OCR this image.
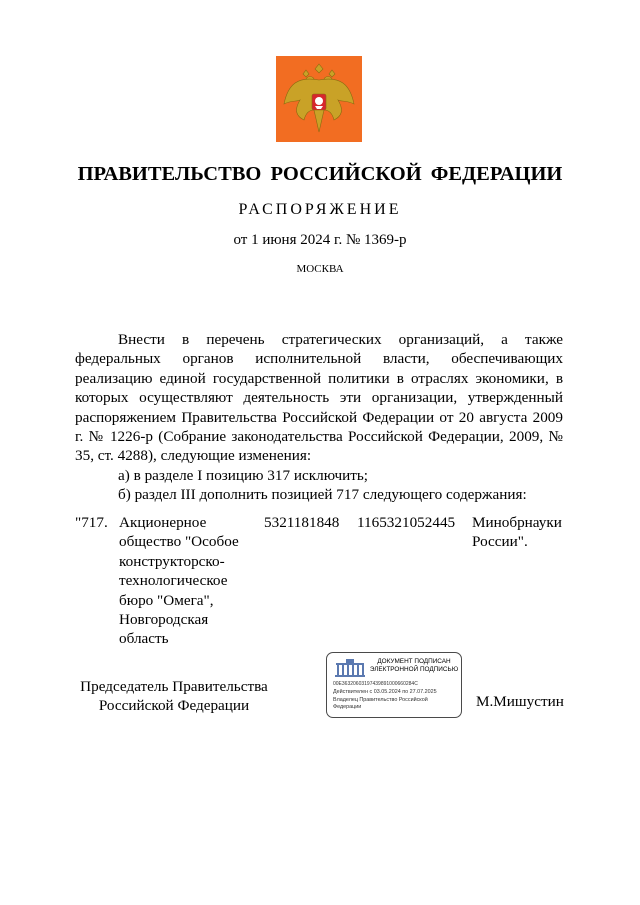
ПРАВИТЕЛЬСТВО РОССИЙСКОЙ ФЕДЕРАЦИИ
РАСПОРЯЖЕНИЕ
от 1 июня 2024 г. № 1369-р
МОСКВА

Внести в перечень стратегических организаций, а также федеральных органов исполнительной власти, обеспечивающих реализацию единой государственной политики в отраслях экономики, в которых осуществляют деятельность эти организации, утвержденный распоряжением Правительства Российской Федерации от 20 августа 2009 г. № 1226-р (Собрание законодательства Российской Федерации, 2009, № 35, ст. 4288), следующие изменения:

а) в разделе I позицию 317 исключить;

б) раздел III дополнить позицией 717 следующего содержания:

"717. Акционерное общество "Особое конструкторско-технологическое бюро "Омега", Новгородская область
5321181848 1165321052445 Минобрнауки России".
Председатель Правительства Российской Федерации
ДОКУМЕНТ ПОДПИСАН ЭЛЕКТРОННОЙ ПОДПИСЬЮ
00E36320603197439891000660284C
Действителен с 03.05.2024 по 27.07.2025
Владелец Правительство Российской Федерации	М.Мишустин
